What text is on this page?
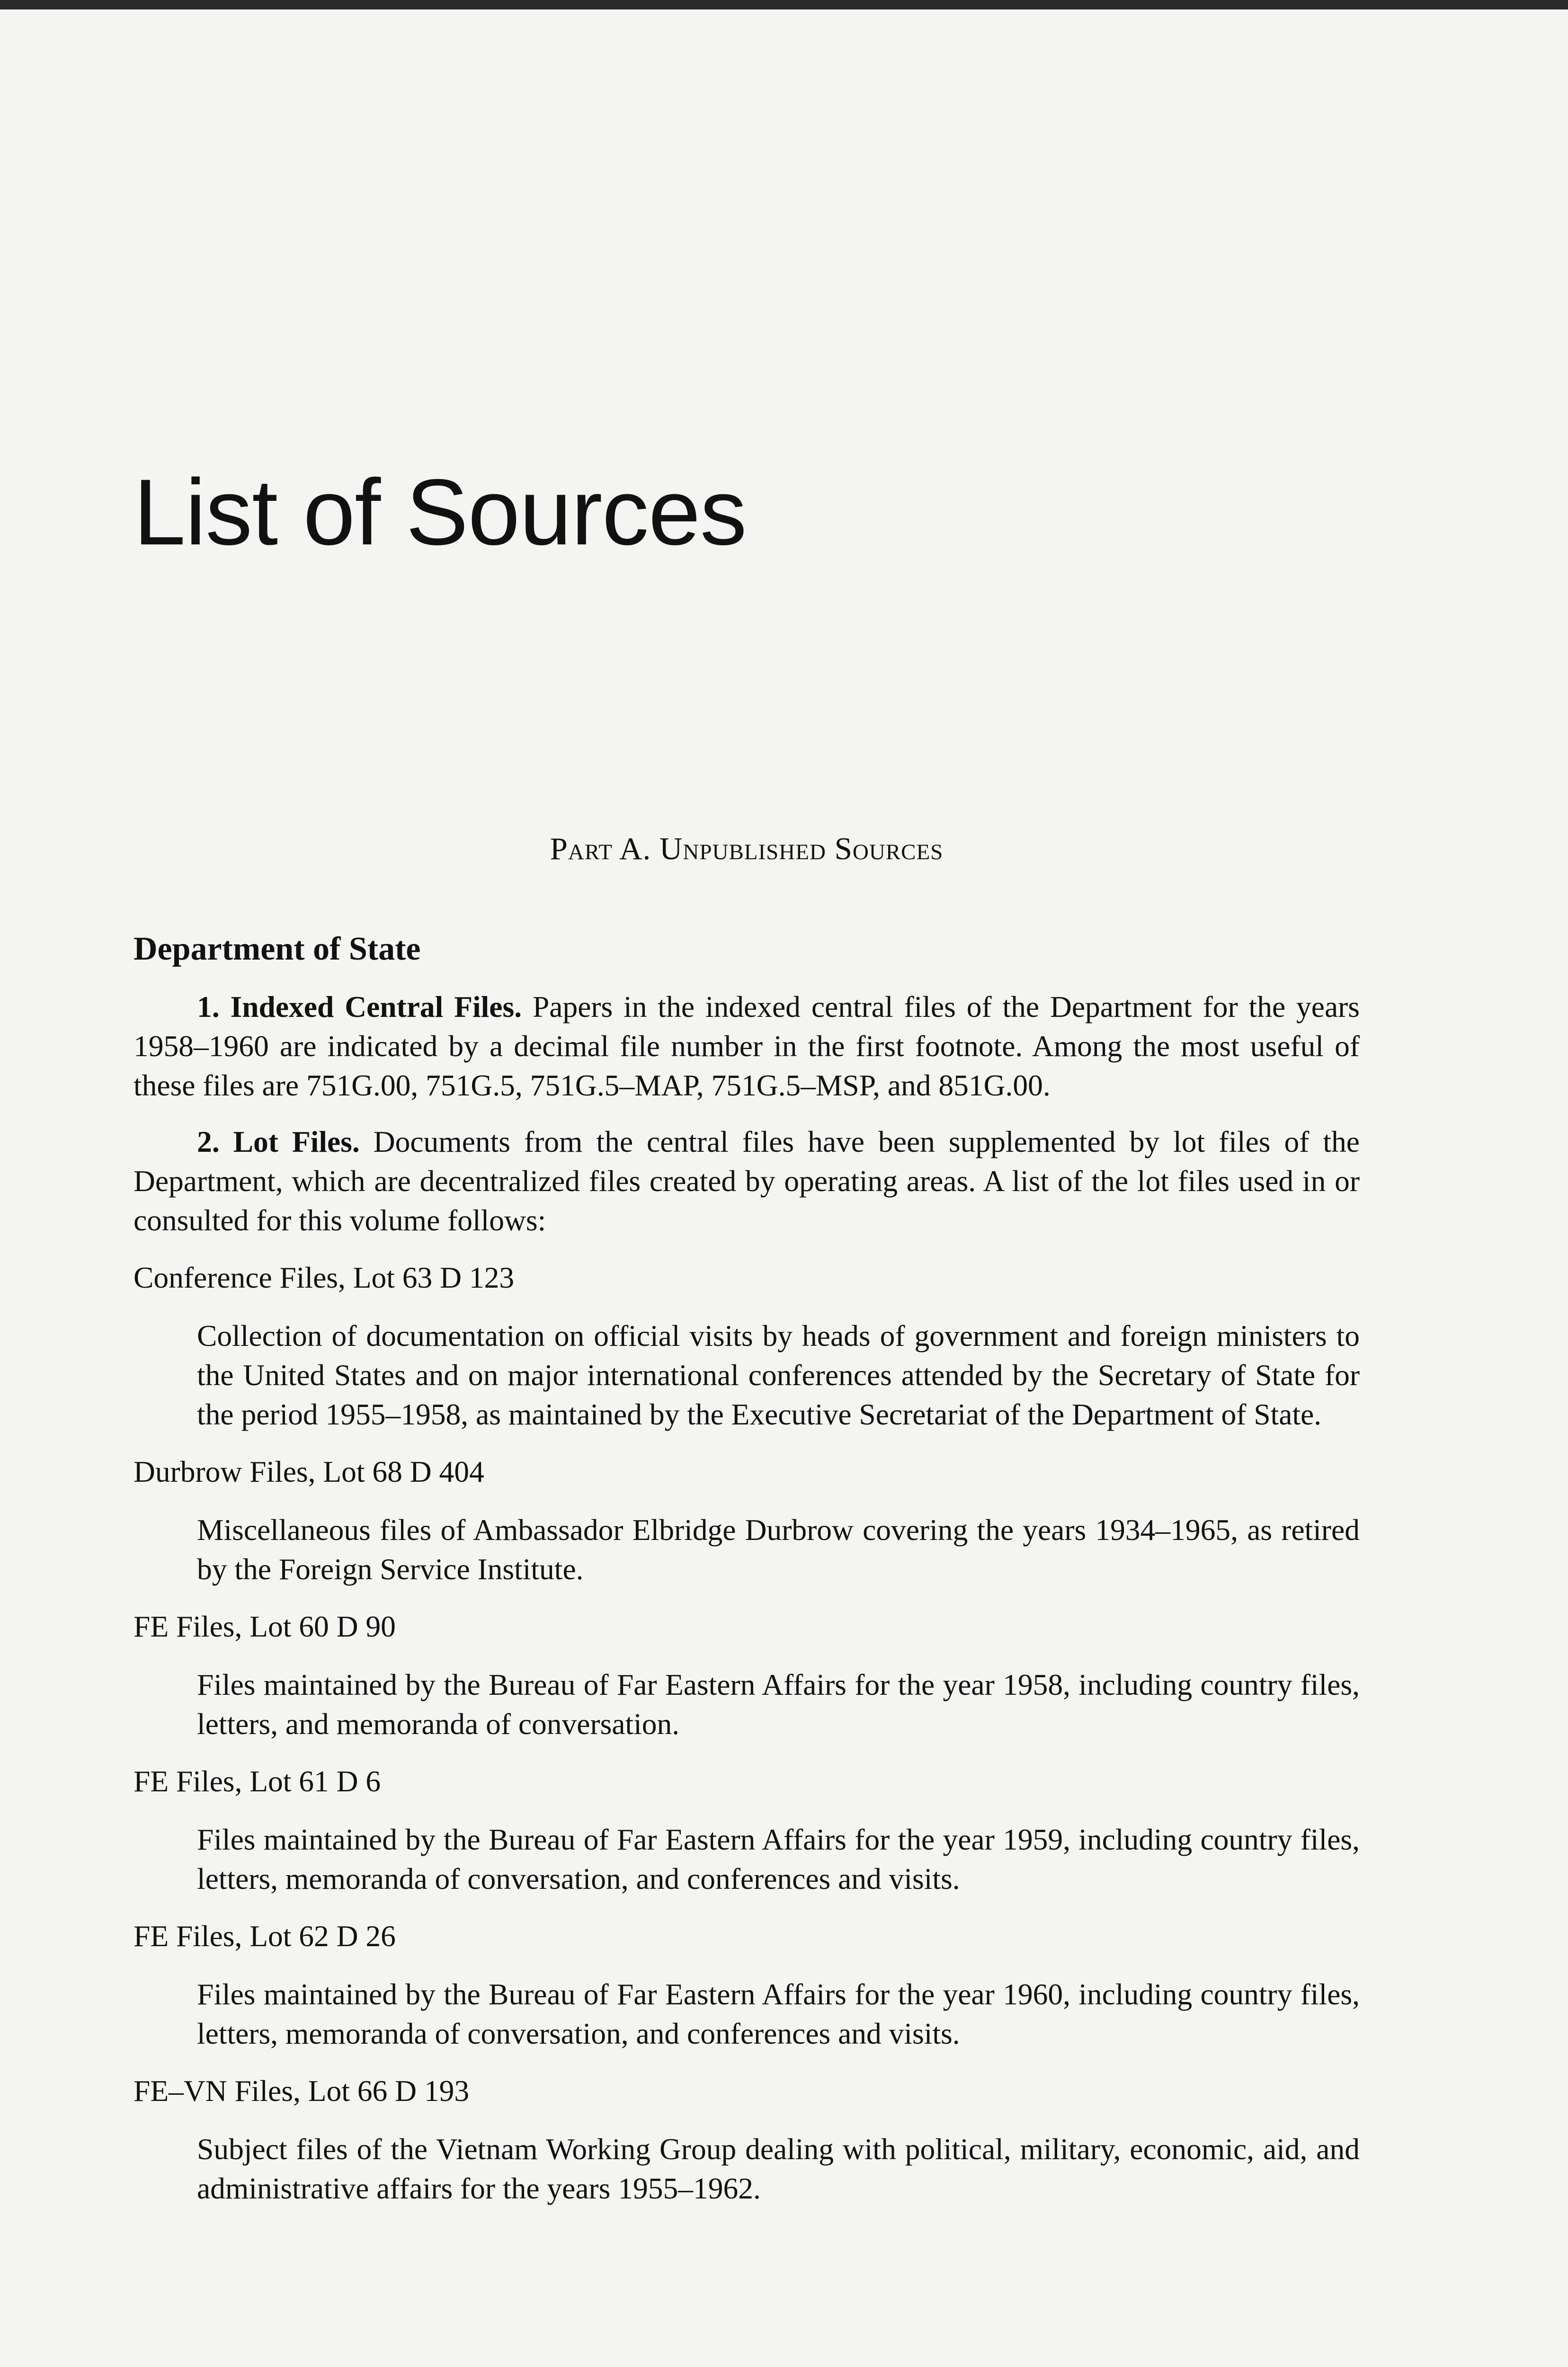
List of Sources
Part A. Unpublished Sources
Department of State

1. Indexed Central Files. Papers in the indexed central files of the Department for the years 1958–1960 are indicated by a decimal file number in the first footnote. Among the most useful of these files are 751G.00, 751G.5, 751G.5–MAP, 751G.5–MSP, and 851G.00.

2. Lot Files. Documents from the central files have been supplemented by lot files of the Department, which are decentralized files created by operating areas. A list of the lot files used in or consulted for this volume follows:

Conference Files, Lot 63 D 123

Collection of documentation on official visits by heads of government and foreign ministers to the United States and on major international conferences attended by the Secretary of State for the period 1955–1958, as maintained by the Executive Secretariat of the Department of State.

Durbrow Files, Lot 68 D 404

Miscellaneous files of Ambassador Elbridge Durbrow covering the years 1934–1965, as retired by the Foreign Service Institute.

FE Files, Lot 60 D 90

Files maintained by the Bureau of Far Eastern Affairs for the year 1958, including country files, letters, and memoranda of conversation.

FE Files, Lot 61 D 6

Files maintained by the Bureau of Far Eastern Affairs for the year 1959, including country files, letters, memoranda of conversation, and conferences and visits.

FE Files, Lot 62 D 26

Files maintained by the Bureau of Far Eastern Affairs for the year 1960, including country files, letters, memoranda of conversation, and conferences and visits.

FE–VN Files, Lot 66 D 193

Subject files of the Vietnam Working Group dealing with political, military, economic, aid, and administrative affairs for the years 1955–1962.
